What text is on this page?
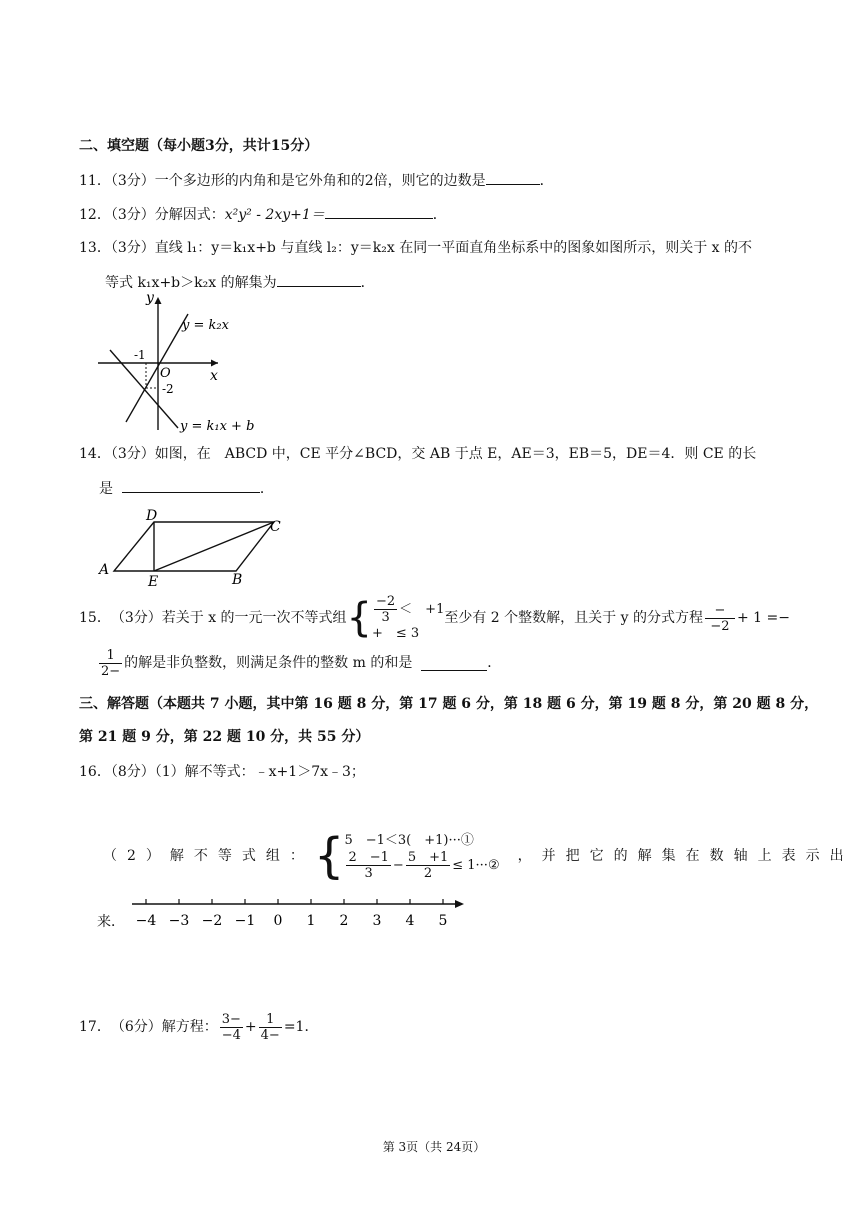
二、填空题（每小题3分，共计15分）
11．（3分）一个多边形的内角和是它外角和的2倍，则它的边数是	．
12．（3分）分解因式：x²y² - 2xy+1＝	．
13．（3分）直线 l₁：y＝k₁x+b 与直线 l₂：y＝k₂x 在同一平面直角坐标系中的图象如图所示，则关于 x 的不
等式 k₁x+b＞k₂x 的解集为	．
y
x
O
-1
-2
y = k₂x
y = k₁x + b
14．（3分）如图，在　ABCD 中，CE 平分∠BCD，交 AB 于点 E，AE＝3，EB＝5，DE＝4．则 CE 的长
是	．
D
C
A
E	B
15． （3分） 若关于 x 的一元一次不等式组 { $\frac{-2}{3}$ ＜　+1
+　≤ 3
至少有 2 个整数解，且关于 y 的分式方程 $\frac{-}{-2} + 1$ =−
$\frac{1}{2-}$ 的解是非负整数，则满足条件的整数 m 的和是
	．
三、解答题（本题共 7 小题，其中第 16 题 8 分，第 17 题 6 分，第 18 题 6 分，第 19 题 8 分，第 20 题 8 分，
第 21 题 9 分，第 22 题 10 分，共 55 分）
16．（8分）（1）解不等式：﹣x+1＞7x﹣3；
（2）解不等式组： { 5　−1＜3(　+1)···①
$\frac{2 -1}{3} - \frac{5 +1}{2}$ ≤ 1···②
，并把它的解集在数轴上表示出
来． −4 −3 −2 −1 0 1 2 3 4 5
17． （6分） 解方程： $\frac{3-}{-4} + \frac{1}{4-} =1$．
第 3页（共 24页）
